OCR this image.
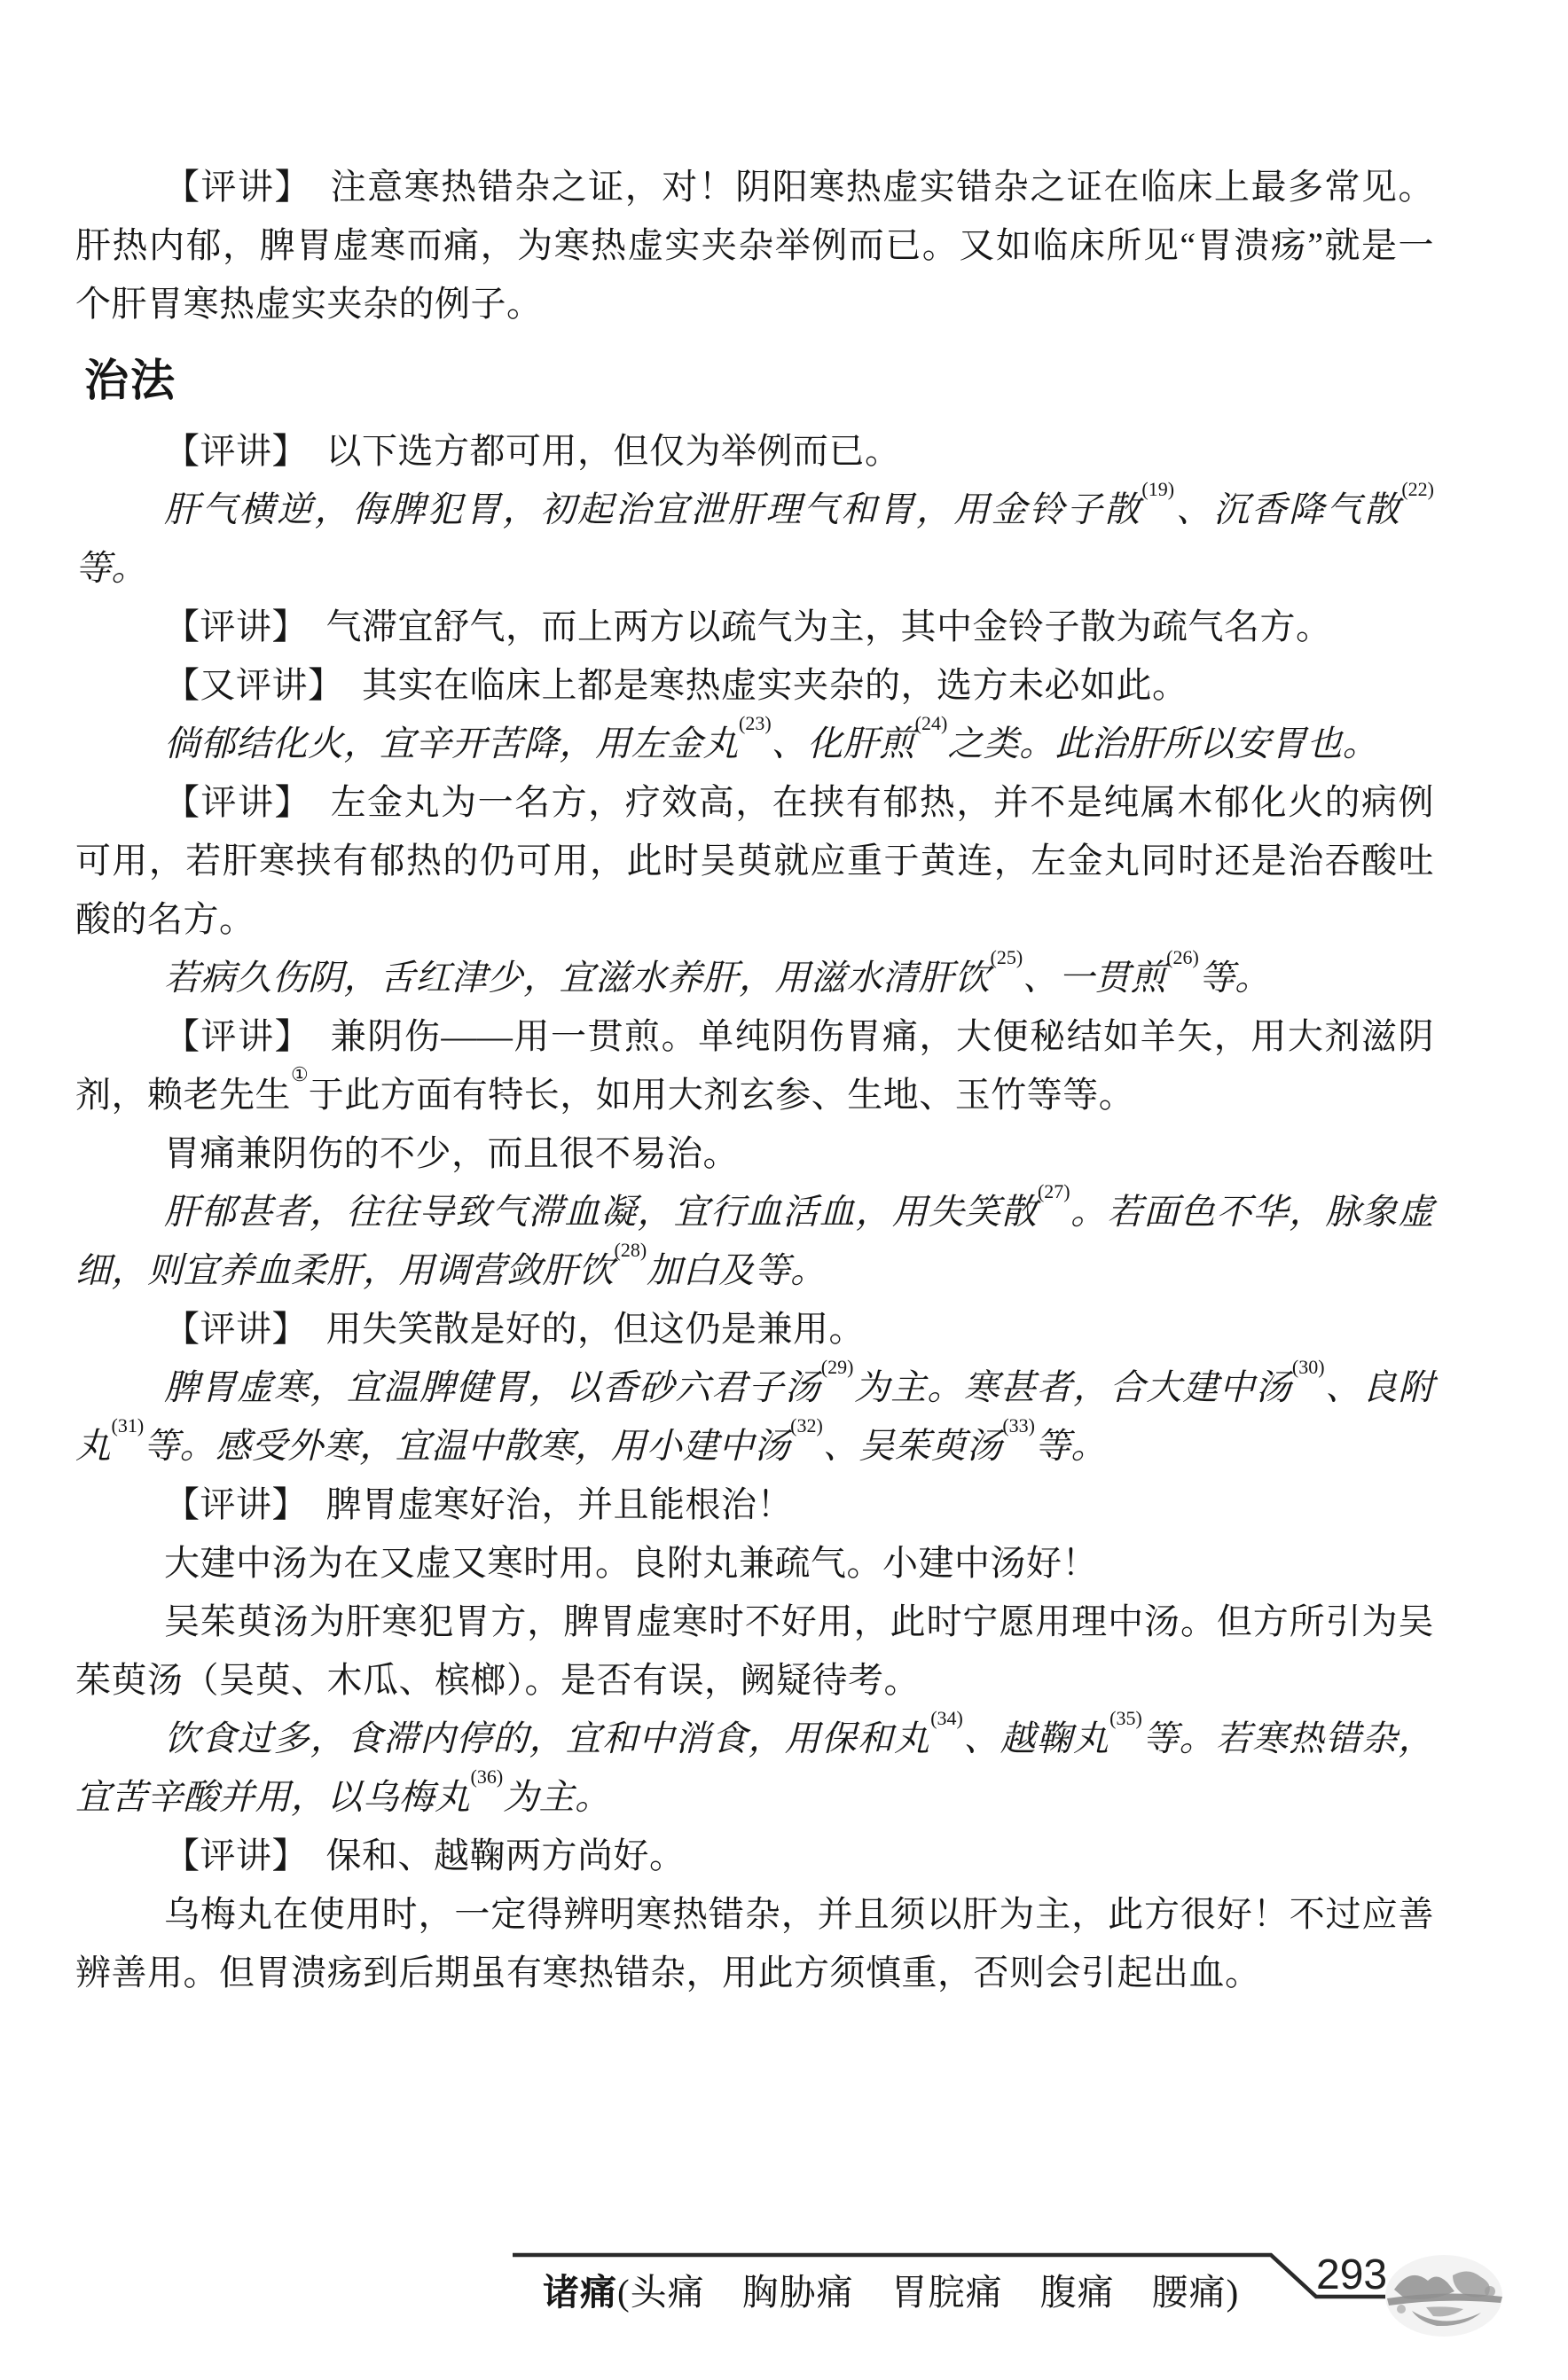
【评讲】　注意寒热错杂之证，对！阴阳寒热虚实错杂之证在临床上最多常见。肝热内郁，脾胃虚寒而痛，为寒热虚实夹杂举例而已。又如临床所见“胃溃疡”就是一个肝胃寒热虚实夹杂的例子。
治法
【评讲】　以下选方都可用，但仅为举例而已。
肝气横逆，侮脾犯胃，初起治宜泄肝理气和胃，用金铃子散$^{(19)}$、沉香降气散$^{(22)}$等。
【评讲】　气滞宜舒气，而上两方以疏气为主，其中金铃子散为疏气名方。
【又评讲】　其实在临床上都是寒热虚实夹杂的，选方未必如此。
倘郁结化火，宜辛开苦降，用左金丸$^{(23)}$、化肝煎$^{(24)}$之类。此治肝所以安胃也。
【评讲】　左金丸为一名方，疗效高，在挟有郁热，并不是纯属木郁化火的病例可用，若肝寒挟有郁热的仍可用，此时吴萸就应重于黄连，左金丸同时还是治吞酸吐酸的名方。
若病久伤阴，舌红津少，宜滋水养肝，用滋水清肝饮$^{(25)}$、一贯煎$^{(26)}$等。
【评讲】　兼阴伤——用一贯煎。单纯阴伤胃痛，大便秘结如羊矢，用大剂滋阴剂，赖老先生①于此方面有特长，如用大剂玄参、生地、玉竹等等。
胃痛兼阴伤的不少，而且很不易治。
肝郁甚者，往往导致气滞血凝，宜行血活血，用失笑散$^{(27)}$。若面色不华，脉象虚细，则宜养血柔肝，用调营敛肝饮$^{(28)}$加白及等。
【评讲】　用失笑散是好的，但这仍是兼用。
脾胃虚寒，宜温脾健胃，以香砂六君子汤$^{(29)}$为主。寒甚者，合大建中汤$^{(30)}$、良附丸$^{(31)}$等。感受外寒，宜温中散寒，用小建中汤$^{(32)}$、吴茱萸汤$^{(33)}$等。
【评讲】　脾胃虚寒好治，并且能根治！
大建中汤为在又虚又寒时用。良附丸兼疏气。小建中汤好！
吴茱萸汤为肝寒犯胃方，脾胃虚寒时不好用，此时宁愿用理中汤。但方所引为吴茱萸汤（吴萸、木瓜、槟榔）。是否有误，阙疑待考。
饮食过多，食滞内停的，宜和中消食，用保和丸$^{(34)}$、越鞠丸$^{(35)}$等。若寒热错杂，宜苦辛酸并用，以乌梅丸$^{(36)}$为主。
【评讲】　保和、越鞠两方尚好。
乌梅丸在使用时，一定得辨明寒热错杂，并且须以肝为主，此方很好！不过应善辨善用。但胃溃疡到后期虽有寒热错杂，用此方须慎重，否则会引起出血。
诸痛(头痛　胸胁痛　胃脘痛　腹痛　腰痛) 293
